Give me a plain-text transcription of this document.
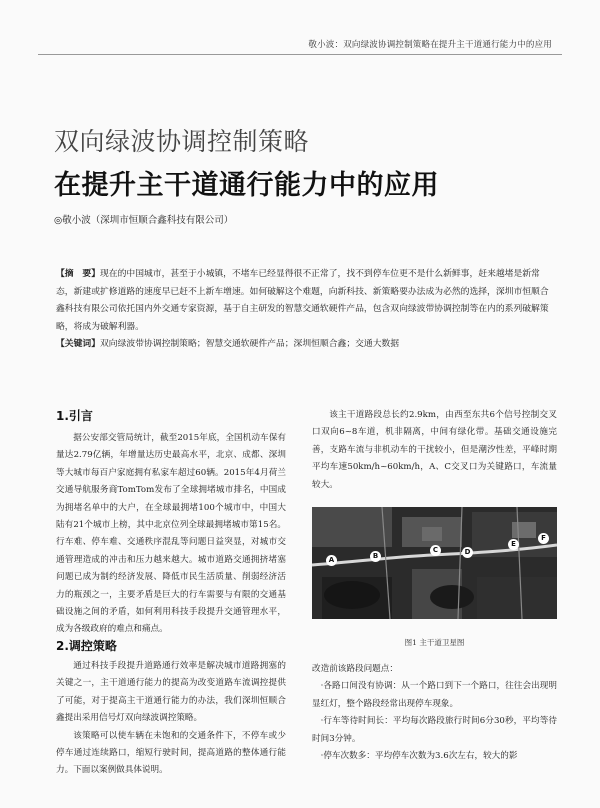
敬小波：双向绿波协调控制策略在提升主干道通行能力中的应用
双向绿波协调控制策略
在提升主干道通行能力中的应用
◎敬小波（深圳市恒顺合鑫科技有限公司）
【摘　要】现在的中国城市，甚至于小城镇，不堵车已经显得很不正常了，找不到停车位更不是什么新鲜事，赶来越堵是新常态，新建或扩修道路的速度早已赶不上新车增速。如何破解这个难题，向新科技、新策略要办法成为必然的选择，深圳市恒顺合鑫科技有限公司依托国内外交通专家资源，基于自主研发的智慧交通软硬件产品，包含双向绿波带协调控制等在内的系列破解策略，将成为破解利器。
【关键词】双向绿波带协调控制策略；智慧交通软硬件产品；深圳恒顺合鑫；交通大数据
1.引言

据公安部交管局统计，截至2015年底，全国机动车保有量达2.79亿辆，年增量达历史最高水平，北京、成都、深圳等大城市每百户家庭拥有私家车超过60辆。2015年4月荷兰交通导航服务商TomTom发布了全球拥堵城市排名，中国成为拥堵名单中的大户，在全球最拥堵100个城市中，中国大陆有21个城市上榜，其中北京位列全球最拥堵城市第15名。行车难、停车难、交通秩序混乱等问题日益突显，对城市交通管理造成的冲击和压力越来越大。城市道路交通拥挤堵塞问题已成为制约经济发展、降低市民生活质量、削弱经济活力的瓶颈之一，主要矛盾是巨大的行车需要与有限的交通基础设施之间的矛盾，如何利用科技手段提升交通管理水平，成为各级政府的难点和痛点。

2.调控策略

通过科技手段提升道路通行效率是解决城市道路拥塞的关键之一，主干道通行能力的提高为改变道路车流调控提供了可能，对于提高主干道通行能力的办法，我们深圳恒顺合鑫提出采用信号灯双向绿波调控策略。

该策略可以使车辆在未饱和的交通条件下，不停车或少停车通过连续路口，缩短行驶时间，提高道路的整体通行能力。下面以案例做具体说明。

该主干道路段总长约2.9km，由西至东共6个信号控制交叉口双向6~8车道，机非隔离，中间有绿化带。基础交通设施完善，支路车流与非机动车的干扰较小，但是潮汐性差，平峰时期平均车速50km/h~60km/h，A、C交叉口为关键路口，车流量较大。

A	B
C	D
E
F
图1 主干道卫星图

改造前该路段问题点：

·各路口间没有协调：从一个路口到下一个路口，往往会出现明显红灯，整个路段经常出现停车现象。

·行车等待时间长：平均每次路段旅行时间6分30秒，平均等待时间3分钟。

·停车次数多：平均停车次数为3.6次左右，较大的影
